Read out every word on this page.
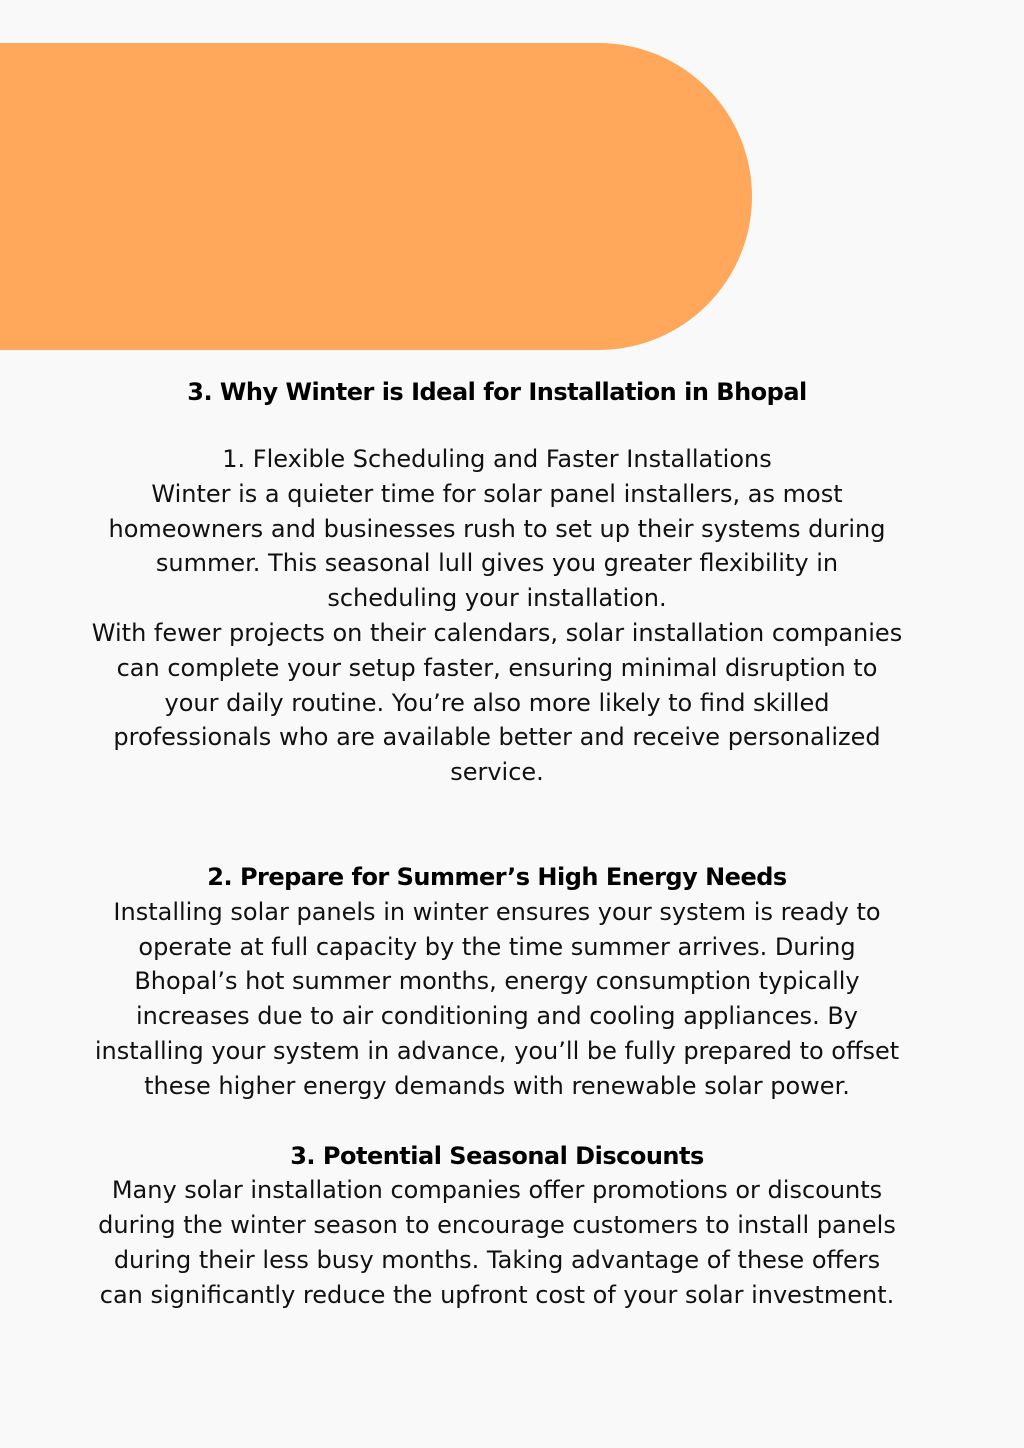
3. Why Winter is Ideal for Installation in Bhopal

1. Flexible Scheduling and Faster Installations

Winter is a quieter time for solar panel installers, as most homeowners and businesses rush to set up their systems during summer. This seasonal lull gives you greater flexibility in scheduling your installation.

With fewer projects on their calendars, solar installation companies can complete your setup faster, ensuring minimal disruption to your daily routine. You’re also more likely to find skilled professionals who are available better and receive personalized service.

2. Prepare for Summer’s High Energy Needs

Installing solar panels in winter ensures your system is ready to operate at full capacity by the time summer arrives. During Bhopal’s hot summer months, energy consumption typically increases due to air conditioning and cooling appliances. By installing your system in advance, you’ll be fully prepared to offset these higher energy demands with renewable solar power.

3. Potential Seasonal Discounts

Many solar installation companies offer promotions or discounts during the winter season to encourage customers to install panels during their less busy months. Taking advantage of these offers can significantly reduce the upfront cost of your solar investment.
